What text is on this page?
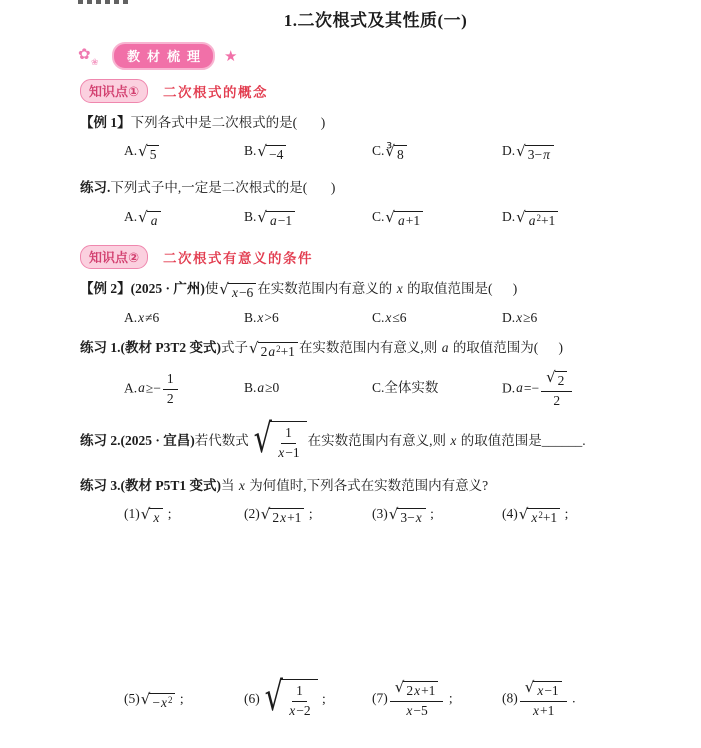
1.二次根式及其性质(一)
✿ ❀	教材梳理	★
知识点①	二次根式的概念

【例 1】下列各式中是二次根式的是(       )

A. √ 5	B. √ −4	C. ∛ 8	D. √ 3−π

练习.下列式子中,一定是二次根式的是(       )

A. √ a	B. √ a−1	C. √ a+1	D. √ $a^2+1$
知识点②	二次根式有意义的条件

【例 2】(2025 · 广州)使 √ x−6 在实数范围内有意义的 x 的取值范围是(      )

A.x≠6	B.x>6	C.x≤6	D.x≥6

练习 1.(教材 P3T2 变式)式子 √ $2a^2+1$ 在实数范围内有意义,则 a 的取值范围为(      )

$A.a\ge- \frac{1}{2}$	B.a≥0	C.全体实数	$D.a=- \frac{√ 2}{2}$

练习 2.(2025 · 宜昌)若代数式 √ $\frac{1}{x-1}$ 在实数范围内有意义,则 x 的取值范围是______.

练习 3.(教材 P5T1 变式)当 x 为何值时,下列各式在实数范围内有意义?

(1) √ x ;	(2) √ 2x+1 ;	(3) √ 3−x ;	(4) √ $x^2+1$ ;
(5) √ $-x^2$ ;	(6) √ $\frac{1}{x-2}$ ;	$(7) \frac{√ 2x+1}{x-5}$ ;	$(8) \frac{√ x-1}{x+1}$ .
